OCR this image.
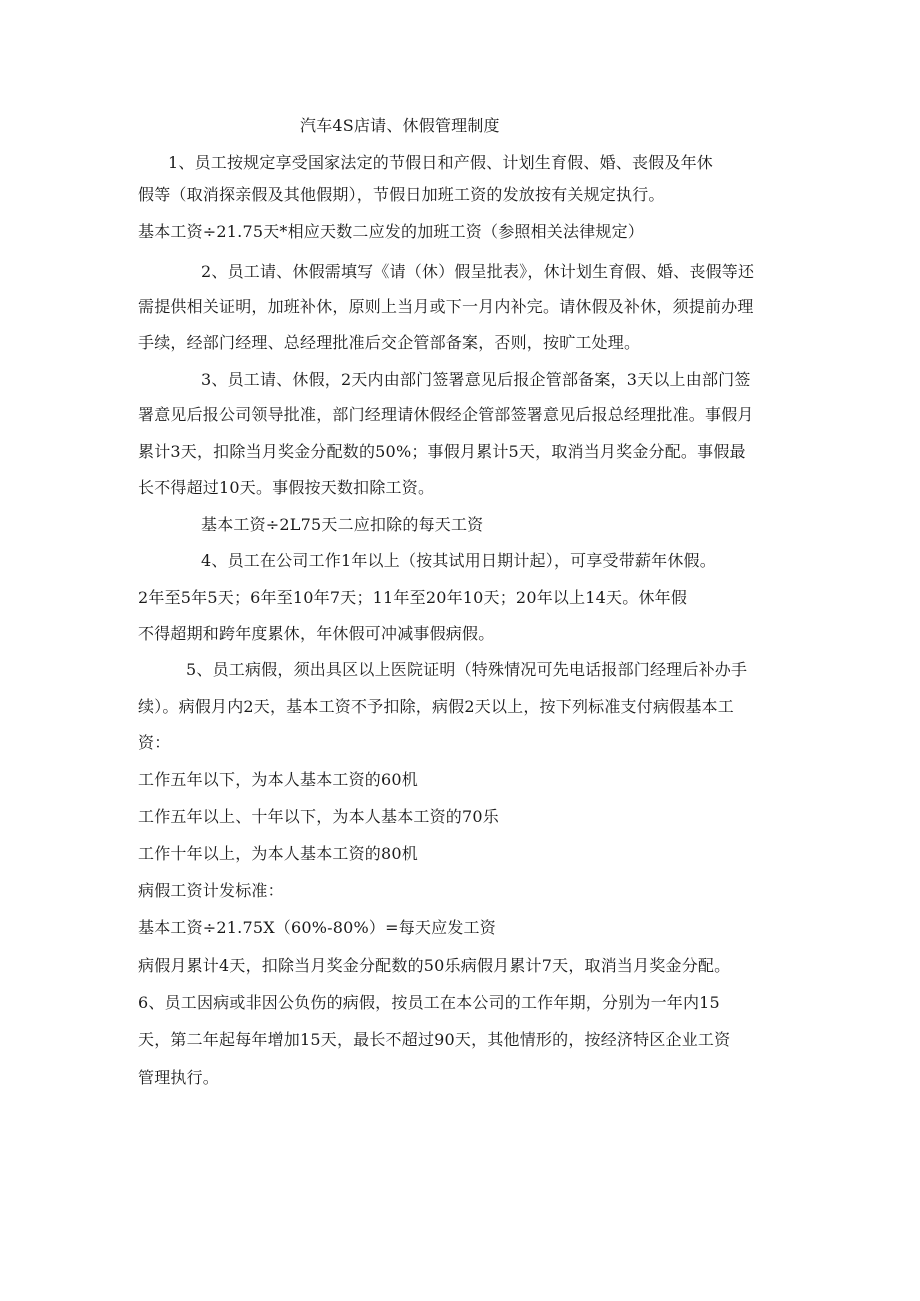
汽车4S店请、休假管理制度
1、员工按规定享受国家法定的节假日和产假、计划生育假、婚、丧假及年休
假等（取消探亲假及其他假期），节假日加班工资的发放按有关规定执行。
基本工资÷21.75天*相应天数二应发的加班工资（参照相关法律规定）
2、员工请、休假需填写《请（休）假呈批表》，休计划生育假、婚、丧假等还
需提供相关证明，加班补休，原则上当月或下一月内补完。请休假及补休，须提前办理
手续，经部门经理、总经理批准后交企管部备案，否则，按旷工处理。
3、员工请、休假，2天内由部门签署意见后报企管部备案，3天以上由部门签
署意见后报公司领导批准，部门经理请休假经企管部签署意见后报总经理批准。事假月
累计3天，扣除当月奖金分配数的50%；事假月累计5天，取消当月奖金分配。事假最
长不得超过10天。事假按天数扣除工资。
基本工资÷2L75天二应扣除的每天工资
4、员工在公司工作1年以上（按其试用日期计起），可享受带薪年休假。
2年至5年5天；6年至10年7天；11年至20年10天；20年以上14天。休年假
不得超期和跨年度累休，年休假可冲减事假病假。
5、员工病假，须出具区以上医院证明（特殊情况可先电话报部门经理后补办手
续）。病假月内2天，基本工资不予扣除，病假2天以上，按下列标准支付病假基本工
资：
工作五年以下，为本人基本工资的60机
工作五年以上、十年以下，为本人基本工资的70乐
工作十年以上，为本人基本工资的80机
病假工资计发标准：
基本工资÷21.75X（60%-80%）=每天应发工资
病假月累计4天，扣除当月奖金分配数的50乐病假月累计7天，取消当月奖金分配。
6、员工因病或非因公负伤的病假，按员工在本公司的工作年期，分别为一年内15
天，第二年起每年增加15天，最长不超过90天，其他情形的，按经济特区企业工资
管理执行。
